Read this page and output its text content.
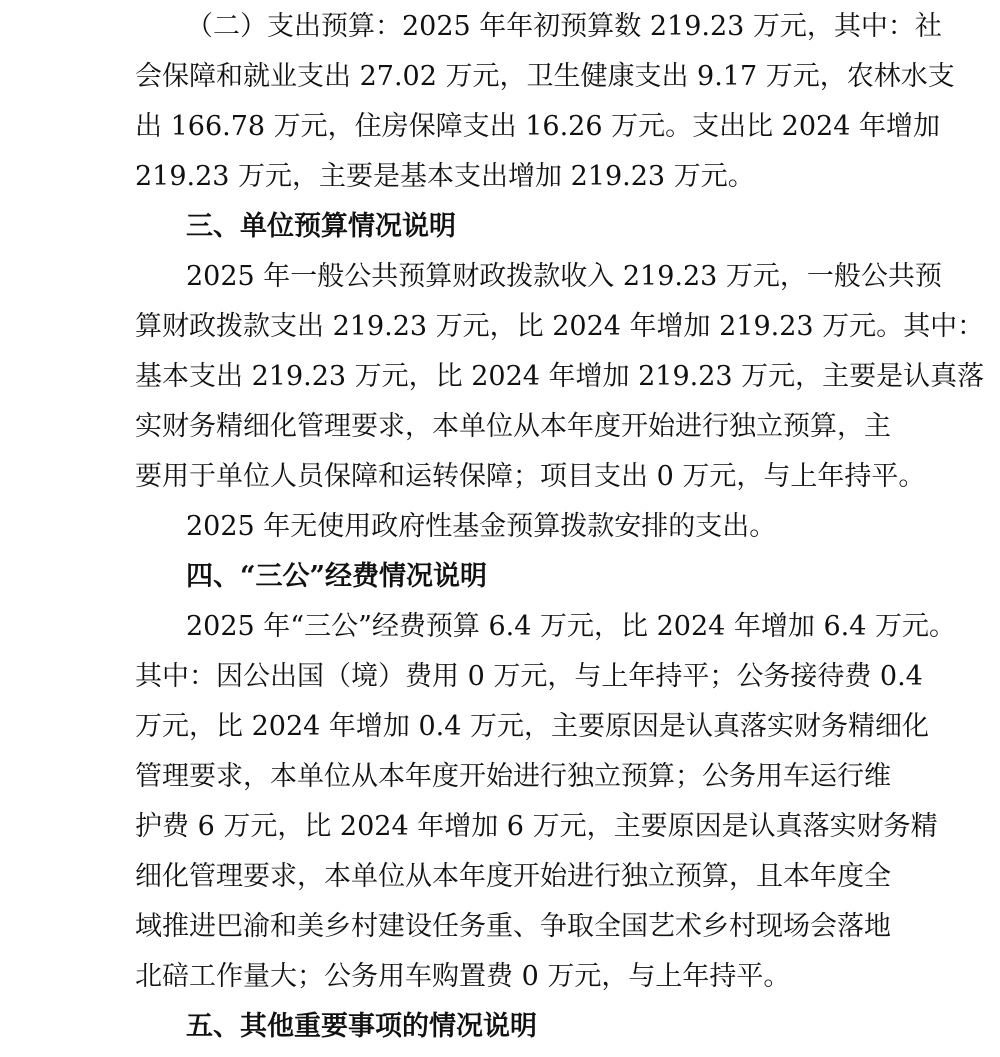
（二）支出预算：2025 年年初预算数 219.23 万元，其中：社
会保障和就业支出 27.02 万元，卫生健康支出 9.17 万元，农林水支
出 166.78 万元，住房保障支出 16.26 万元。支出比 2024 年增加
219.23 万元，主要是基本支出增加 219.23 万元。
三、单位预算情况说明
2025 年一般公共预算财政拨款收入 219.23 万元，一般公共预
算财政拨款支出 219.23 万元，比 2024 年增加 219.23 万元。其中：
基本支出 219.23 万元，比 2024 年增加 219.23 万元，主要是认真落
实财务精细化管理要求，本单位从本年度开始进行独立预算，主
要用于单位人员保障和运转保障；项目支出 0 万元，与上年持平。
2025 年无使用政府性基金预算拨款安排的支出。
四、“三公”经费情况说明
2025 年“三公”经费预算 6.4 万元，比 2024 年增加 6.4 万元。
其中：因公出国（境）费用 0 万元，与上年持平；公务接待费 0.4
万元，比 2024 年增加 0.4 万元，主要原因是认真落实财务精细化
管理要求，本单位从本年度开始进行独立预算；公务用车运行维
护费 6 万元，比 2024 年增加 6 万元，主要原因是认真落实财务精
细化管理要求，本单位从本年度开始进行独立预算，且本年度全
域推进巴渝和美乡村建设任务重、争取全国艺术乡村现场会落地
北碚工作量大；公务用车购置费 0 万元，与上年持平。
五、其他重要事项的情况说明
